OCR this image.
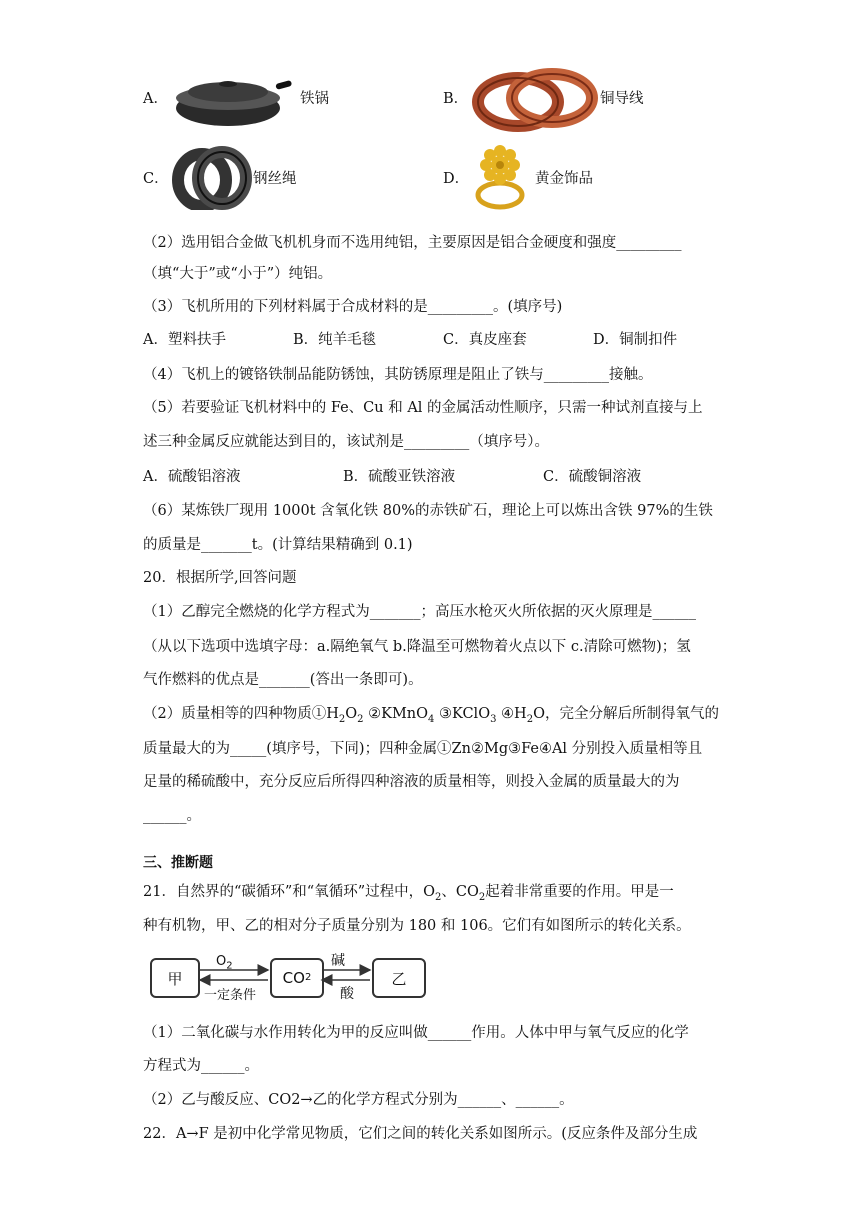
A．	铁锅	B．	铜导线
C．	钢丝绳	D．	黄金饰品
（2）选用铝合金做飞机机身而不选用纯铝，主要原因是铝合金硬度和强度_________
（填“大于”或“小于”）纯铝。
（3）飞机所用的下列材料属于合成材料的是_________。(填序号)
A．塑料扶手	B．纯羊毛毯	C．真皮座套	D．铜制扣件
（4）飞机上的镀铬铁制品能防锈蚀，其防锈原理是阻止了铁与_________接触。
（5）若要验证飞机材料中的 Fe、Cu 和 Al 的金属活动性顺序，只需一种试剂直接与上
述三种金属反应就能达到目的，该试剂是_________（填序号）。
A．硫酸铝溶液	B．硫酸亚铁溶液	C．硫酸铜溶液
（6）某炼铁厂现用 1000t 含氧化铁 80%的赤铁矿石，理论上可以炼出含铁 97%的生铁
的质量是_______t。(计算结果精确到 0.1)
20．根据所学,回答问题
（1）乙醇完全燃烧的化学方程式为_______；高压水枪灭火所依据的灭火原理是______
（从以下选项中选填字母：a.隔绝氧气 b.降温至可燃物着火点以下 c.清除可燃物)；氢
气作燃料的优点是_______(答出一条即可)。
（2）质量相等的四种物质$①H_2O_2$ ②KMnO$_4$ ③KClO$_3$ $④H_2O$，完全分解后所制得氧气的
质量最大的为_____(填序号，下同)；四种金属①Zn②Mg③Fe④Al 分别投入质量相等且
足量的稀硫酸中，充分反应后所得四种溶液的质量相等，则投入金属的质量最大的为
______。
三、推断题
21．自然界的“碳循环”和“氧循环”过程中，$O_2$、$CO_2$起着非常重要的作用。甲是一
种有机物，甲、乙的相对分子质量分别为 180 和 106。它们有如图所示的转化关系。
甲	CO 2	乙
$O_2$
一定条件
碱
酸
（1）二氧化碳与水作用转化为甲的反应叫做______作用。人体中甲与氧气反应的化学
方程式为______。
（2）乙与酸反应、CO2→乙的化学方程式分别为______、______。
22．A→F 是初中化学常见物质，它们之间的转化关系如图所示。(反应条件及部分生成
